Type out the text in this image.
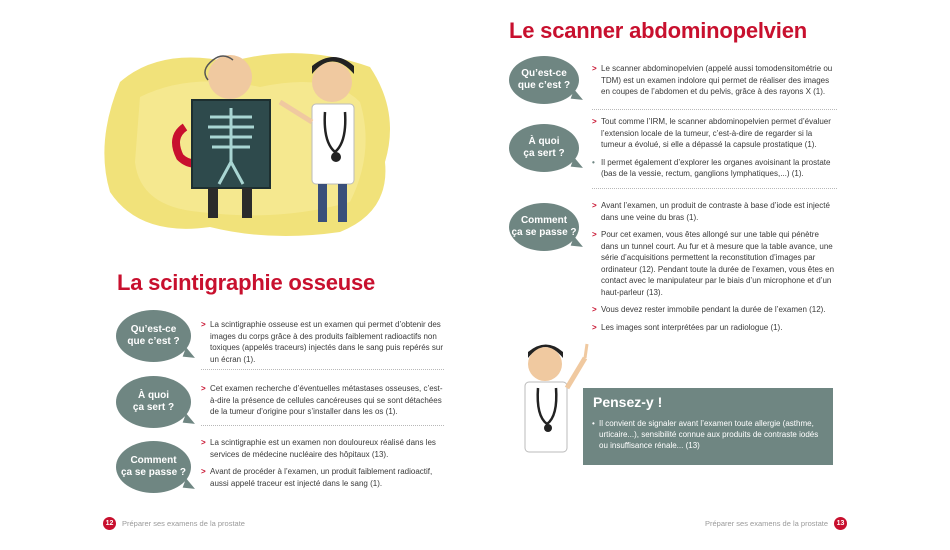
La scintigraphie osseuse
Qu’est-ce
que c’est ?

> La scintigraphie osseuse est un examen qui permet d’obtenir des images du corps grâce à des produits faiblement radioactifs non toxiques (appelés traceurs) injectés dans le sang puis repérés sur un écran (1).

À quoi
ça sert ?

> Cet examen recherche d’éventuelles métastases osseuses, c’est-à-dire la présence de cellules cancéreuses qui se sont détachées de la tumeur d’origine pour s’installer dans les os (1).

Comment
ça se passe ?

> La scintigraphie est un examen non douloureux réalisé dans les services de médecine nucléaire des hôpitaux (13).

> Avant de procéder à l’examen, un produit faiblement radioactif, aussi appelé traceur est injecté dans le sang (1).

12	Préparer ses examens de la prostate
Le scanner abdominopelvien
Qu’est-ce
que c’est ?

> Le scanner abdominopelvien (appelé aussi tomodensitométrie ou TDM) est un examen indolore qui permet de réaliser des images en coupes de l’abdomen et du pelvis, grâce à des rayons X (1).

À quoi
ça sert ?

> Tout comme l’IRM, le scanner abdominopelvien permet d’évaluer l’extension locale de la tumeur, c’est-à-dire de regarder si la tumeur a évolué, si elle a dépassé la capsule prostatique (1).

• Il permet également d’explorer les organes avoisinant la prostate (bas de la vessie, rectum, ganglions lymphatiques,...) (1).

Comment
ça se passe ?

> Avant l’examen, un produit de contraste à base d’iode est injecté dans une veine du bras (1).

> Pour cet examen, vous êtes allongé sur une table qui pénètre dans un tunnel court. Au fur et à mesure que la table avance, une série d’acquisitions permettent la reconstitution d’images par ordinateur (12). Pendant toute la durée de l’examen, vous êtes en contact avec le manipulateur par le biais d’un microphone et d’un haut-parleur (13).

> Vous devez rester immobile pendant la durée de l’examen (12).

> Les images sont interprétées par un radiologue (1).

Pensez-y !

• Il convient de signaler avant l’examen toute allergie (asthme, urticaire...), sensibilité connue aux produits de contraste iodés ou insuffisance rénale... (13)

Préparer ses examens de la prostate	13
